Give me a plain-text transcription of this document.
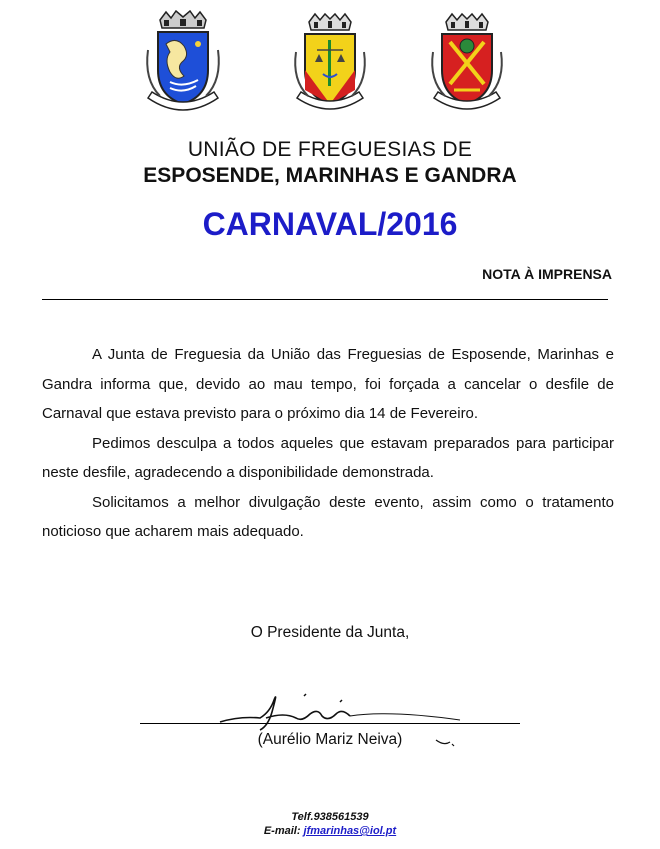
UNIÃO DE FREGUESIAS DE
ESPOSENDE, MARINHAS E GANDRA
CARNAVAL/2016
NOTA À IMPRENSA

A Junta de Freguesia da União das Freguesias de Esposende, Marinhas e Gandra informa que, devido ao mau tempo, foi forçada a cancelar o desfile de Carnaval que estava previsto para o próximo dia 14 de Fevereiro.

Pedimos desculpa a todos aqueles que estavam preparados para participar neste desfile, agradecendo a disponibilidade demonstrada.

Solicitamos a melhor divulgação deste evento, assim como o tratamento noticioso que acharem mais adequado.

O Presidente da Junta,
(Aurélio Mariz Neiva)
Telf.938561539
E-mail: jfmarinhas@iol.pt
